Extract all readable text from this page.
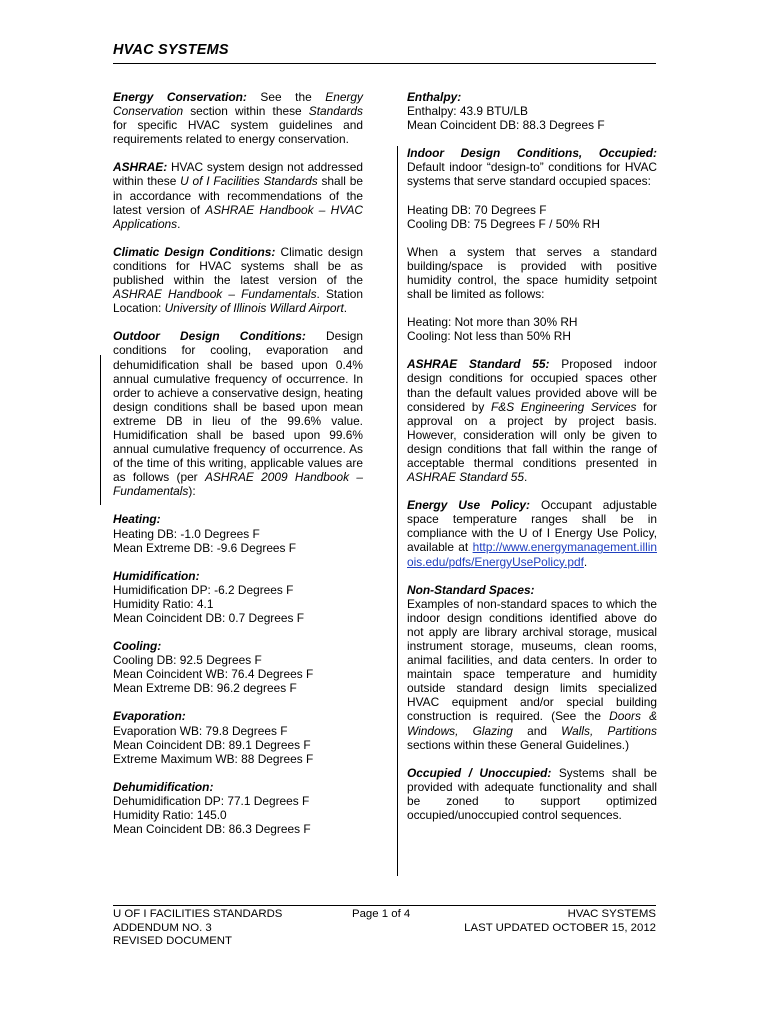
HVAC SYSTEMS

Energy Conservation: See the Energy Conservation section within these Standards for specific HVAC system guidelines and requirements related to energy conservation.

ASHRAE: HVAC system design not addressed within these U of I Facilities Standards shall be in accordance with recommendations of the latest version of ASHRAE Handbook – HVAC Applications.

Climatic Design Conditions: Climatic design conditions for HVAC systems shall be as published within the latest version of the ASHRAE Handbook – Fundamentals. Station Location: University of Illinois Willard Airport.

Outdoor Design Conditions: Design conditions for cooling, evaporation and dehumidification shall be based upon 0.4% annual cumulative frequency of occurrence. In order to achieve a conservative design, heating design conditions shall be based upon mean extreme DB in lieu of the 99.6% value. Humidification shall be based upon 99.6% annual cumulative frequency of occurrence. As of the time of this writing, applicable values are as follows (per ASHRAE 2009 Handbook – Fundamentals):

Heating:
Heating DB: -1.0 Degrees F
Mean Extreme DB: -9.6 Degrees F
Humidification:
Humidification DP: -6.2 Degrees F
Humidity Ratio: 4.1
Mean Coincident DB: 0.7 Degrees F
Cooling:
Cooling DB: 92.5 Degrees F
Mean Coincident WB: 76.4 Degrees F
Mean Extreme DB: 96.2 degrees F
Evaporation:
Evaporation WB: 79.8 Degrees F
Mean Coincident DB: 89.1 Degrees F
Extreme Maximum WB: 88 Degrees F
Dehumidification:
Dehumidification DP: 77.1 Degrees F
Humidity Ratio: 145.0
Mean Coincident DB: 86.3 Degrees F
Enthalpy:
Enthalpy: 43.9 BTU/LB
Mean Coincident DB: 88.3 Degrees F

Indoor Design Conditions, Occupied: Default indoor “design-to” conditions for HVAC systems that serve standard occupied spaces:

Heating DB: 70 Degrees F
Cooling DB: 75 Degrees F / 50% RH

When a system that serves a standard building/space is provided with positive humidity control, the space humidity setpoint shall be limited as follows:

Heating: Not more than 30% RH
Cooling: Not less than 50% RH

ASHRAE Standard 55: Proposed indoor design conditions for occupied spaces other than the default values provided above will be considered by F&S Engineering Services for approval on a project by project basis. However, consideration will only be given to design conditions that fall within the range of acceptable thermal conditions presented in ASHRAE Standard 55.

Energy Use Policy: Occupant adjustable space temperature ranges shall be in compliance with the U of I Energy Use Policy, available at http://www.energymanagement.illinois.edu/pdfs/EnergyUsePolicy.pdf.

Non-Standard Spaces:
Examples of non-standard spaces to which the indoor design conditions identified above do not apply are library archival storage, musical instrument storage, museums, clean rooms, animal facilities, and data centers. In order to maintain space temperature and humidity outside standard design limits specialized HVAC equipment and/or special building construction is required. (See the Doors & Windows, Glazing and Walls, Partitions sections within these General Guidelines.)

Occupied / Unoccupied: Systems shall be provided with adequate functionality and shall be zoned to support optimized occupied/unoccupied control sequences.

U OF I FACILITIES STANDARDS
ADDENDUM NO. 3
REVISED DOCUMENT
Page 1 of 4	HVAC SYSTEMS
LAST UPDATED OCTOBER 15, 2012
